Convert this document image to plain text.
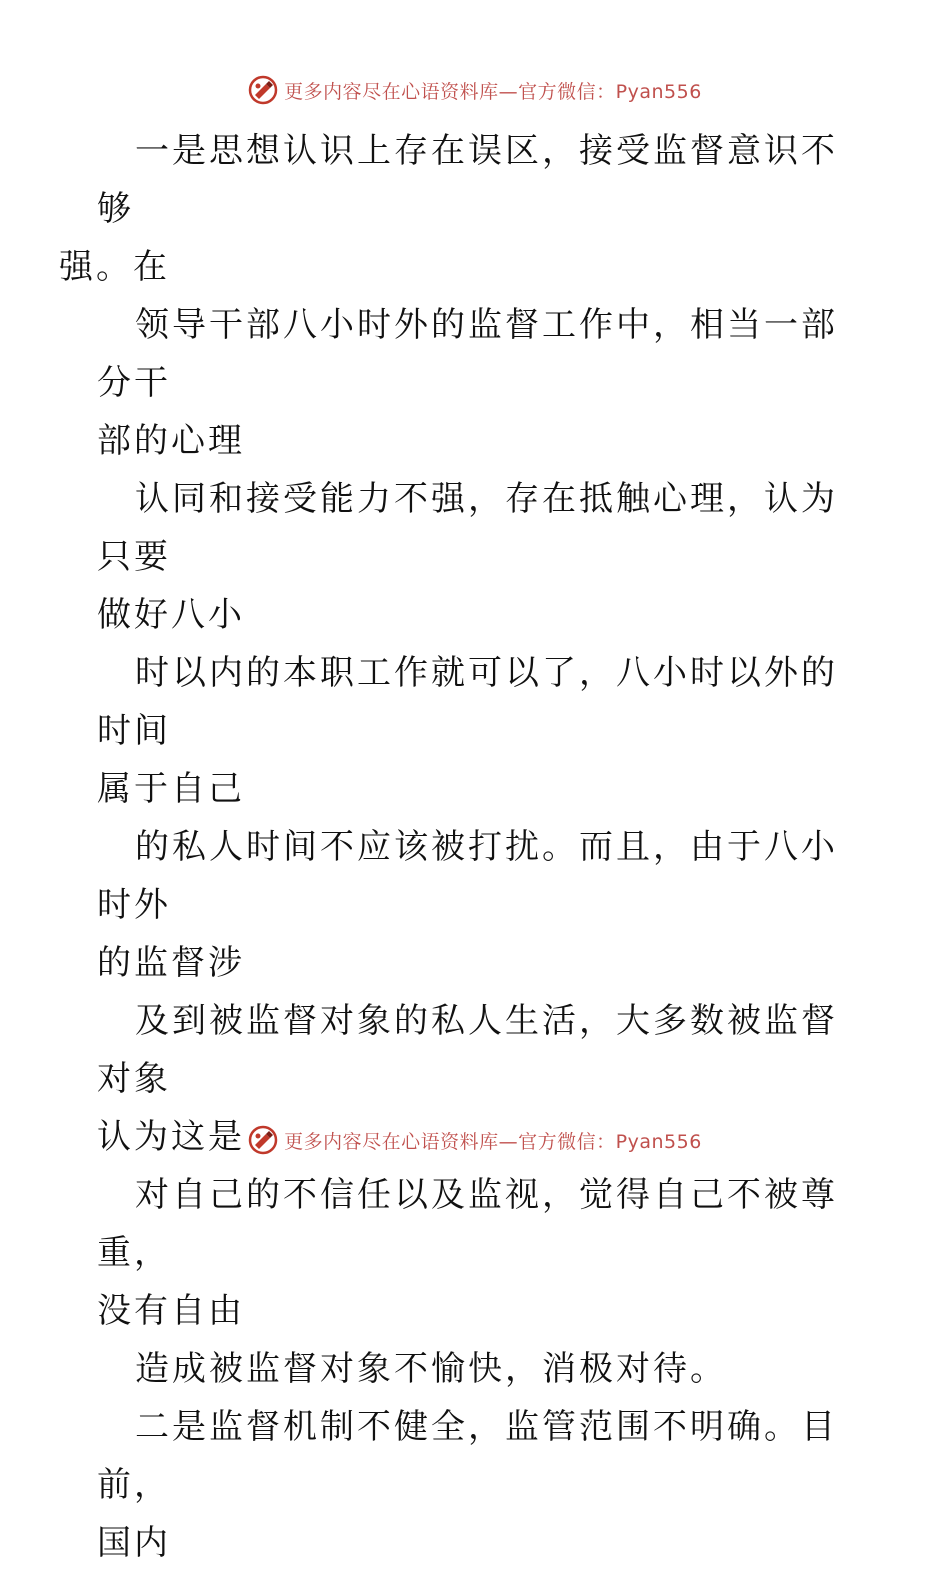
更多内容尽在心语资料库—官方微信：Pyan556

一是思想认识上存在误区，接受监督意识不够
强。在

领导干部八小时外的监督工作中，相当一部分干
部的心理

认同和接受能力不强，存在抵触心理，认为只要
做好八小

时以内的本职工作就可以了，八小时以外的时间
属于自己

的私人时间不应该被打扰。而且，由于八小时外
的监督涉

及到被监督对象的私人生活，大多数被监督对象
认为这是

对自己的不信任以及监视，觉得自己不被尊重，
没有自由

造成被监督对象不愉快，消极对待。

二是监督机制不健全，监管范围不明确。目前，
国内

更多内容尽在心语资料库—官方微信：Pyan556
